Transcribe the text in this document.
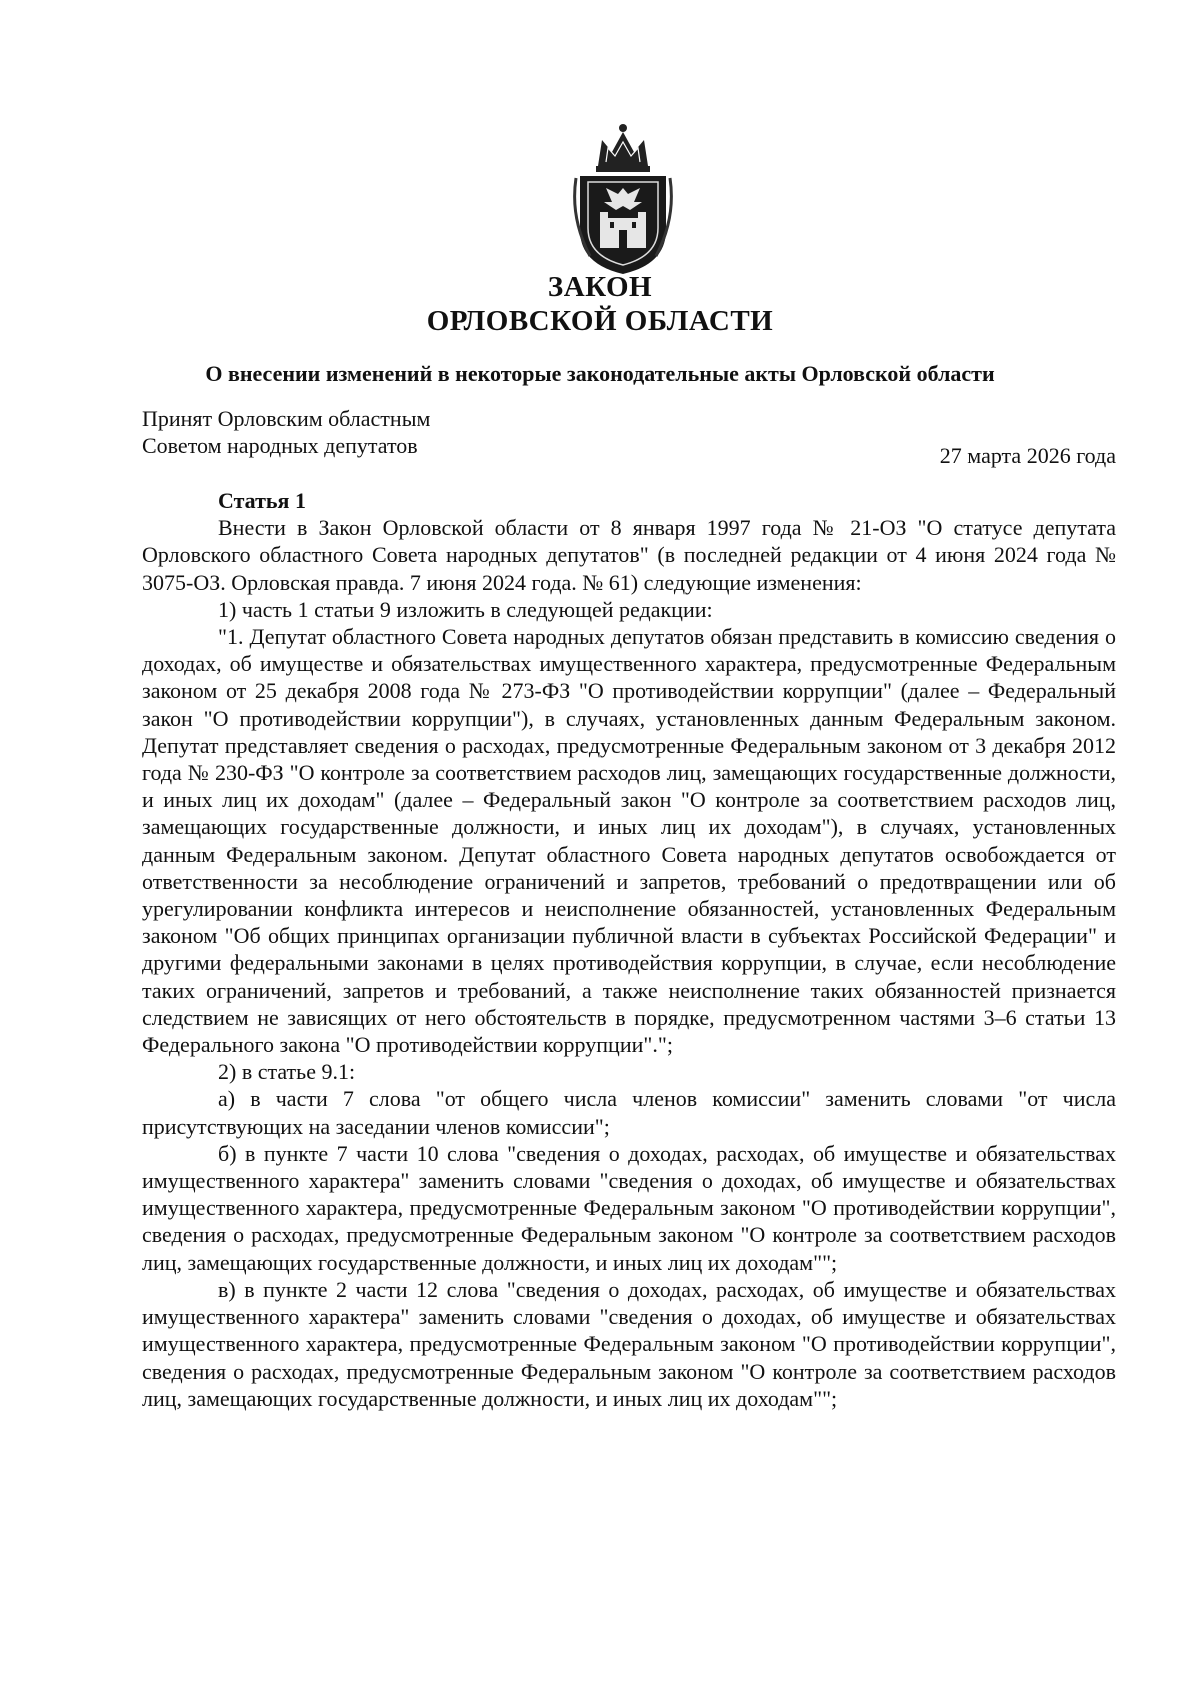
ЗАКОН
ОРЛОВСКОЙ ОБЛАСТИ
О внесении изменений в некоторые законодательные акты Орловской области
Принят Орловским областным
Советом народных депутатов	27 марта 2026 года
Статья 1

Внести в Закон Орловской области от 8 января 1997 года № 21-ОЗ "О статусе депутата Орловского областного Совета народных депутатов" (в последней редакции от 4 июня 2024 года № 3075-ОЗ. Орловская правда. 7 июня 2024 года. № 61) следующие изменения:

1) часть 1 статьи 9 изложить в следующей редакции:

"1. Депутат областного Совета народных депутатов обязан представить в комиссию сведения о доходах, об имуществе и обязательствах имущественного характера, предусмотренные Федеральным законом от 25 декабря 2008 года № 273-ФЗ "О противодействии коррупции" (далее – Федеральный закон "О противодействии коррупции"), в случаях, установленных данным Федеральным законом. Депутат представляет сведения о расходах, предусмотренные Федеральным законом от 3 декабря 2012 года № 230-ФЗ "О контроле за соответствием расходов лиц, замещающих государственные должности, и иных лиц их доходам" (далее – Федеральный закон "О контроле за соответствием расходов лиц, замещающих государственные должности, и иных лиц их доходам"), в случаях, установленных данным Федеральным законом. Депутат областного Совета народных депутатов освобождается от ответственности за несоблюдение ограничений и запретов, требований о предотвращении или об урегулировании конфликта интересов и неисполнение обязанностей, установленных Федеральным законом "Об общих принципах организации публичной власти в субъектах Российской Федерации" и другими федеральными законами в целях противодействия коррупции, в случае, если несоблюдение таких ограничений, запретов и требований, а также неисполнение таких обязанностей признается следствием не зависящих от него обстоятельств в порядке, предусмотренном частями 3–6 статьи 13 Федерального закона "О противодействии коррупции".";

2) в статье 9.1:

а) в части 7 слова "от общего числа членов комиссии" заменить словами "от числа присутствующих на заседании членов комиссии";

б) в пункте 7 части 10 слова "сведения о доходах, расходах, об имуществе и обязательствах имущественного характера" заменить словами "сведения о доходах, об имуществе и обязательствах имущественного характера, предусмотренные Федеральным законом "О противодействии коррупции", сведения о расходах, предусмотренные Федеральным законом "О контроле за соответствием расходов лиц, замещающих государственные должности, и иных лиц их доходам"";

в) в пункте 2 части 12 слова "сведения о доходах, расходах, об имуществе и обязательствах имущественного характера" заменить словами "сведения о доходах, об имуществе и обязательствах имущественного характера, предусмотренные Федеральным законом "О противодействии коррупции", сведения о расходах, предусмотренные Федеральным законом "О контроле за соответствием расходов лиц, замещающих государственные должности, и иных лиц их доходам"";
